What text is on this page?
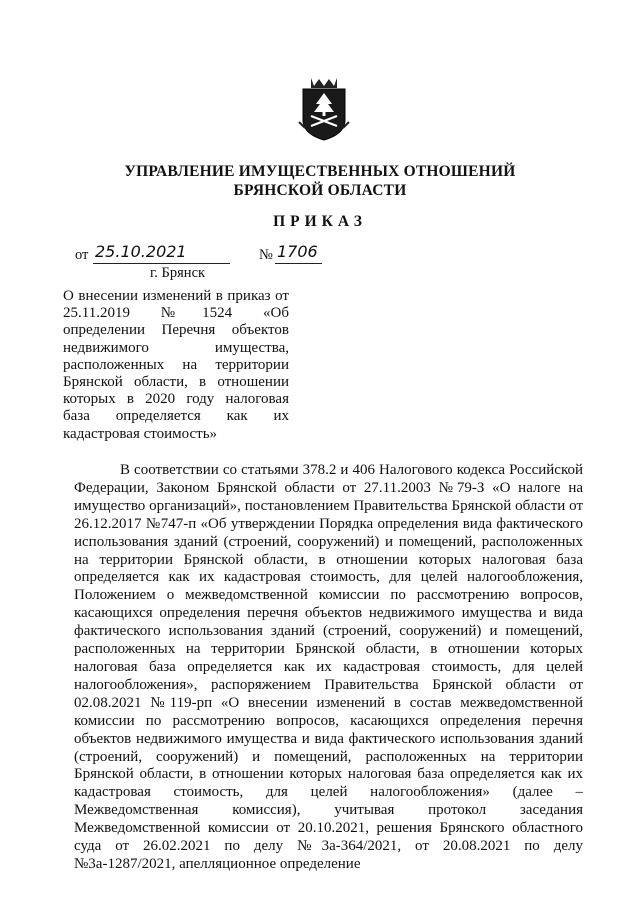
УПРАВЛЕНИЕ ИМУЩЕСТВЕННЫХ ОТНОШЕНИЙ
БРЯНСКОЙ ОБЛАСТИ
ПРИКАЗ
от 25.10.2021	№ 1706
г. Брянск
О внесении изменений в приказ от 25.11.2019 №1524 «Об определении Перечня объектов недвижимого имущества, расположенных на территории Брянской области, в отношении которых в 2020 году налоговая база определяется как их кадастровая стоимость»
В соответствии со статьями 378.2 и 406 Налогового кодекса Российской Федерации, Законом Брянской области от 27.11.2003 №79-З «О налоге на имущество организаций», постановлением Правительства Брянской области от 26.12.2017 №747-п «Об утверждении Порядка определения вида фактического использования зданий (строений, сооружений) и помещений, расположенных на территории Брянской области, в отношении которых налоговая база определяется как их кадастровая стоимость, для целей налогообложения, Положением о межведомственной комиссии по рассмотрению вопросов, касающихся определения перечня объектов недвижимого имущества и вида фактического использования зданий (строений, сооружений) и помещений, расположенных на территории Брянской области, в отношении которых налоговая база определяется как их кадастровая стоимость, для целей налогообложения», распоряжением Правительства Брянской области от 02.08.2021 №119-рп «О внесении изменений в состав межведомственной комиссии по рассмотрению вопросов, касающихся определения перечня объектов недвижимого имущества и вида фактического использования зданий (строений, сооружений) и помещений, расположенных на территории Брянской области, в отношении которых налоговая база определяется как их кадастровая стоимость, для целей налогообложения» (далее – Межведомственная комиссия), учитывая протокол заседания Межведомственной комиссии от 20.10.2021, решения Брянского областного суда от 26.02.2021 по делу №3а-364/2021, от 20.08.2021 по делу №3а-1287/2021, апелляционное определение
